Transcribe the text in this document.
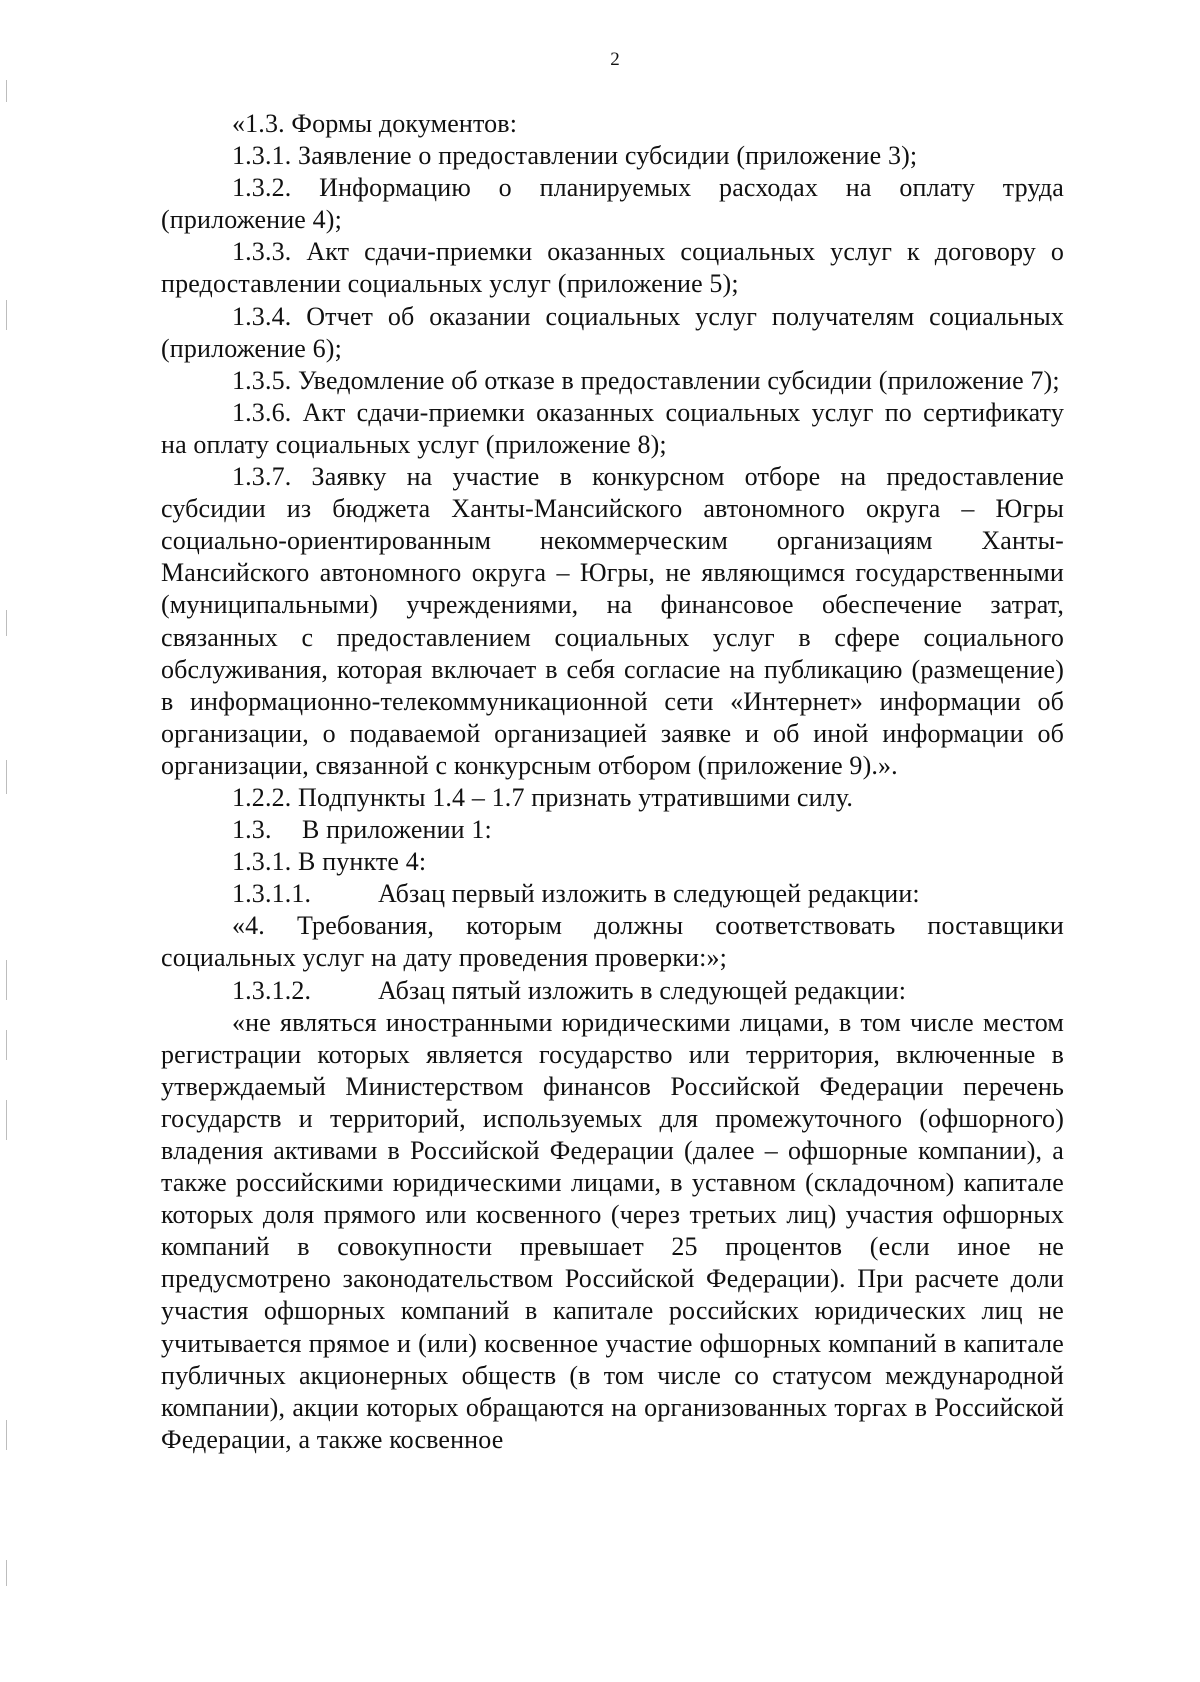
2

«1.3. Формы документов:

1.3.1. Заявление о предоставлении субсидии (приложение 3);

1.3.2. Информацию о планируемых расходах на оплату труда (приложение 4);

1.3.3. Акт сдачи-приемки оказанных социальных услуг к договору о предоставлении социальных услуг (приложение 5);

1.3.4. Отчет об оказании социальных услуг получателям социальных (приложение 6);

1.3.5. Уведомление об отказе в предоставлении субсидии (приложение 7);

1.3.6. Акт сдачи-приемки оказанных социальных услуг по сертификату на оплату социальных услуг (приложение 8);

1.3.7. Заявку на участие в конкурсном отборе на предоставление субсидии из бюджета Ханты-Мансийского автономного округа – Югры социально-ориентированным некоммерческим организациям Ханты-Мансийского автономного округа – Югры, не являющимся государственными (муниципальными) учреждениями, на финансовое обеспечение затрат, связанных с предоставлением социальных услуг в сфере социального обслуживания, которая включает в себя согласие на публикацию (размещение) в информационно-телекоммуникационной сети «Интернет» информации об организации, о подаваемой организацией заявке и об иной информации об организации, связанной с конкурсным отбором (приложение 9).».

1.2.2. Подпункты 1.4 – 1.7 признать утратившими силу.

1.3. В приложении 1:

1.3.1. В пункте 4:

1.3.1.1.	Абзац первый изложить в следующей редакции:

«4. Требования, которым должны соответствовать поставщики социальных услуг на дату проведения проверки:»;

1.3.1.2.	Абзац пятый изложить в следующей редакции:

«не являться иностранными юридическими лицами, в том числе местом регистрации которых является государство или территория, включенные в утверждаемый Министерством финансов Российской Федерации перечень государств и территорий, используемых для промежуточного (офшорного) владения активами в Российской Федерации (далее – офшорные компании), а также российскими юридическими лицами, в уставном (складочном) капитале которых доля прямого или косвенного (через третьих лиц) участия офшорных компаний в совокупности превышает 25 процентов (если иное не предусмотрено законодательством Российской Федерации). При расчете доли участия офшорных компаний в капитале российских юридических лиц не учитывается прямое и (или) косвенное участие офшорных компаний в капитале публичных акционерных обществ (в том числе со статусом международной компании), акции которых обращаются на организованных торгах в Российской Федерации, а также косвенное
